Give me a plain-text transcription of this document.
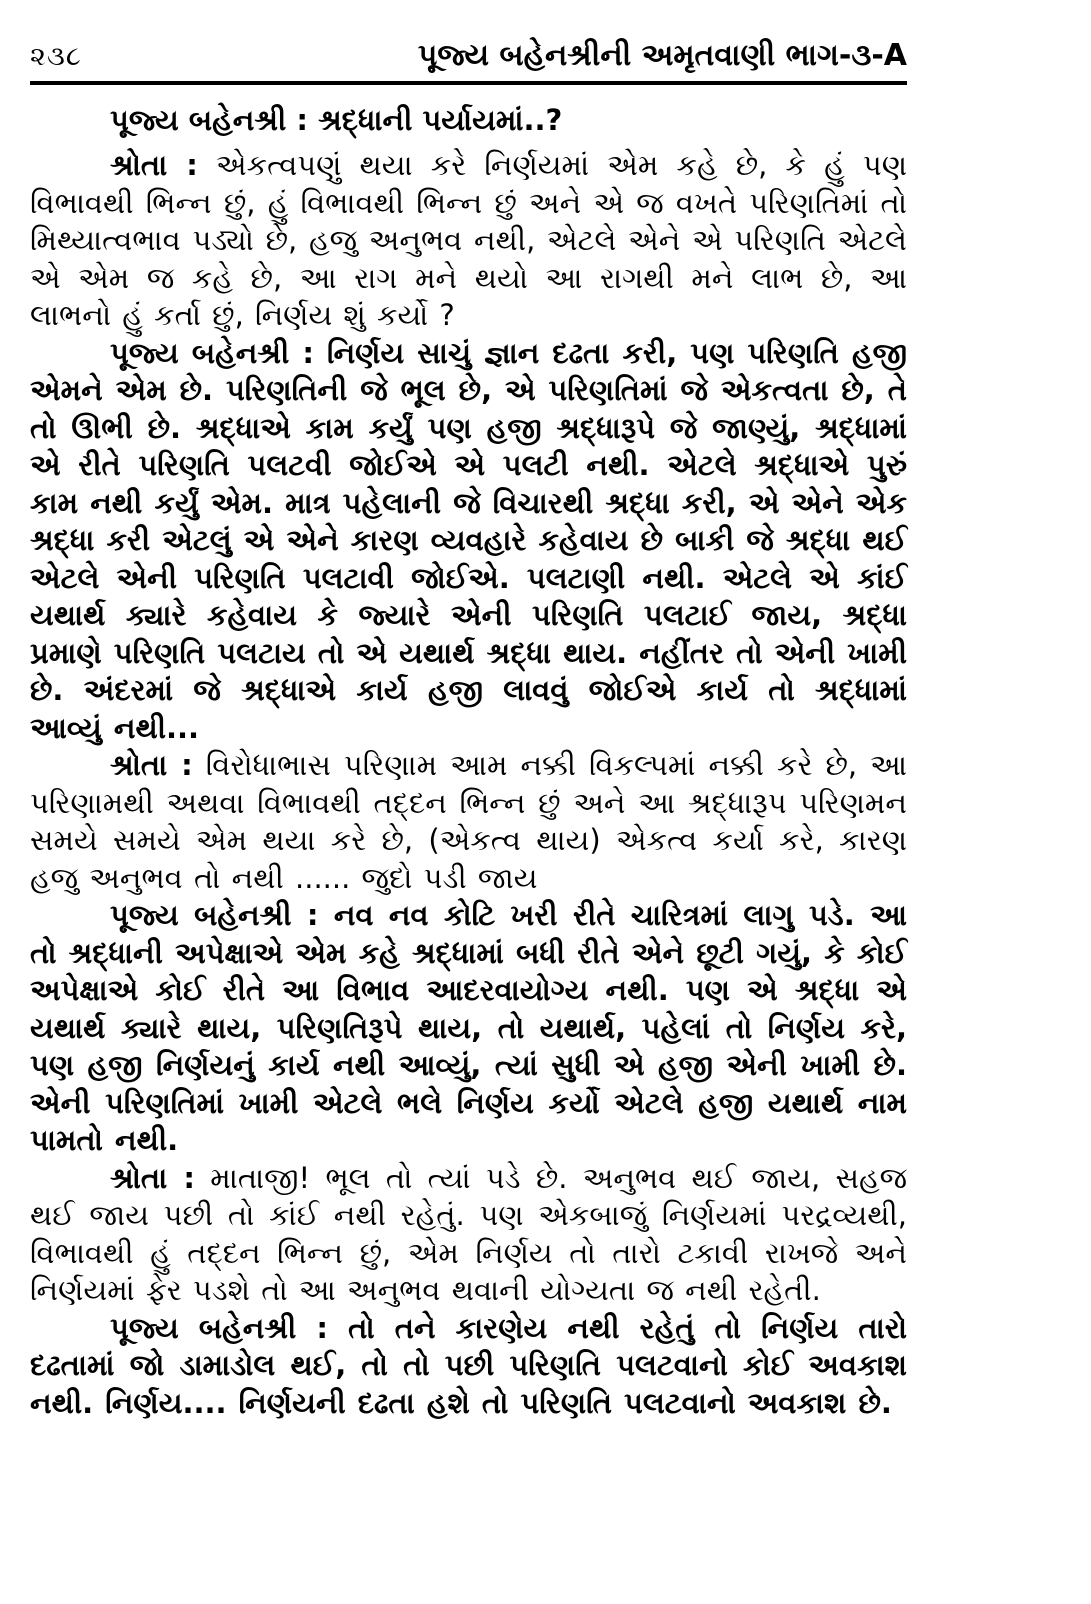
૨૩૮	પૂજ્ય બહેનશ્રીની અમૃતવાણી ભાગ-૩-A
પૂજ્ય બહેનશ્રી : શ્રદ્ધાની પર્યાયમાં..?

શ્રોતા : એકત્વપણું થયા કરે નિર્ણયમાં એમ કહે છે, કે હું પણ વિભાવથી ભિન્ન છું, હું વિભાવથી ભિન્ન છું અને એ જ વખતે પરિણતિમાં તો મિથ્યાત્વભાવ પડ્યો છે, હજુ અનુભવ નથી, એટલે એને એ પરિણતિ એટલે એ એમ જ કહે છે, આ રાગ મને થયો આ રાગથી મને લાભ છે, આ લાભનો હું કર્તા છું, નિર્ણય શું કર્યો ?

પૂજ્ય બહેનશ્રી : નિર્ણય સાચું જ્ઞાન દઢતા કરી, પણ પરિણતિ હજી એમને એમ છે. પરિણતિની જે ભૂલ છે, એ પરિણતિમાં જે એકત્વતા છે, તે તો ઊભી છે. શ્રદ્ધાએ કામ કર્યું પણ હજી શ્રદ્ધારૂપે જે જાણ્યું, શ્રદ્ધામાં એ રીતે પરિણતિ પલટવી જોઈએ એ પલટી નથી. એટલે શ્રદ્ધાએ પુરું કામ નથી કર્યું એમ. માત્ર પહેલાની જે વિચારથી શ્રદ્ધા કરી, એ એને એક શ્રદ્ધા કરી એટલું એ એને કારણ વ્યવહારે કહેવાય છે બાકી જે શ્રદ્ધા થઈ એટલે એની પરિણતિ પલટાવી જોઈએ. પલટાણી નથી. એટલે એ કાંઈ યથાર્થ ક્યારે કહેવાય કે જ્યારે એની પરિણતિ પલટાઈ જાય, શ્રદ્ધા પ્રમાણે પરિણતિ પલટાય તો એ યથાર્થ શ્રદ્ધા થાય. નહીંતર તો એની ખામી છે. અંદરમાં જે શ્રદ્ધાએ કાર્ય હજી લાવવું જોઈએ કાર્ય તો શ્રદ્ધામાં આવ્યું નથી...

શ્રોતા : વિરોધાભાસ પરિણામ આમ નક્કી વિકલ્પમાં નક્કી કરે છે, આ પરિણામથી અથવા વિભાવથી તદ્દન ભિન્ન છું અને આ શ્રદ્ધારૂપ પરિણમન સમયે સમયે એમ થયા કરે છે, (એકત્વ થાય) એકત્વ કર્યા કરે, કારણ હજુ અનુભવ તો નથી ...... જુદો પડી જાય

પૂજ્ય બહેનશ્રી : નવ નવ કોટિ ખરી રીતે ચારિત્રમાં લાગુ પડે. આ તો શ્રદ્ધાની અપેક્ષાએ એમ કહે શ્રદ્ધામાં બધી રીતે એને છૂટી ગયું, કે કોઈ અપેક્ષાએ કોઈ રીતે આ વિભાવ આદરવાયોગ્ય નથી. પણ એ શ્રદ્ધા એ યથાર્થ ક્યારે થાય, પરિણતિરૂપે થાય, તો યથાર્થ, પહેલાં તો નિર્ણય કરે, પણ હજી નિર્ણયનું કાર્ય નથી આવ્યું, ત્યાં સુધી એ હજી એની ખામી છે. એની પરિણતિમાં ખામી એટલે ભલે નિર્ણય કર્યો એટલે હજી યથાર્થ નામ પામતો નથી.

શ્રોતા : માતાજી! ભૂલ તો ત્યાં પડે છે. અનુભવ થઈ જાય, સહજ થઈ જાય પછી તો કાંઈ નથી રહેતું. પણ એકબાજું નિર્ણયમાં પરદ્રવ્યથી, વિભાવથી હું તદ્દન ભિન્ન છું, એમ નિર્ણય તો તારો ટકાવી રાખજે અને નિર્ણયમાં ફેર પડશે તો આ અનુભવ થવાની યોગ્યતા જ નથી રહેતી.

પૂજ્ય બહેનશ્રી : તો તને કારણેય નથી રહેતું તો નિર્ણય તારો દઢતામાં જો ડામાડોલ થઈ, તો તો પછી પરિણતિ પલટવાનો કોઈ અવકાશ નથી. નિર્ણય.... નિર્ણયની દઢતા હશે તો પરિણતિ પલટવાનો અવકાશ છે.
